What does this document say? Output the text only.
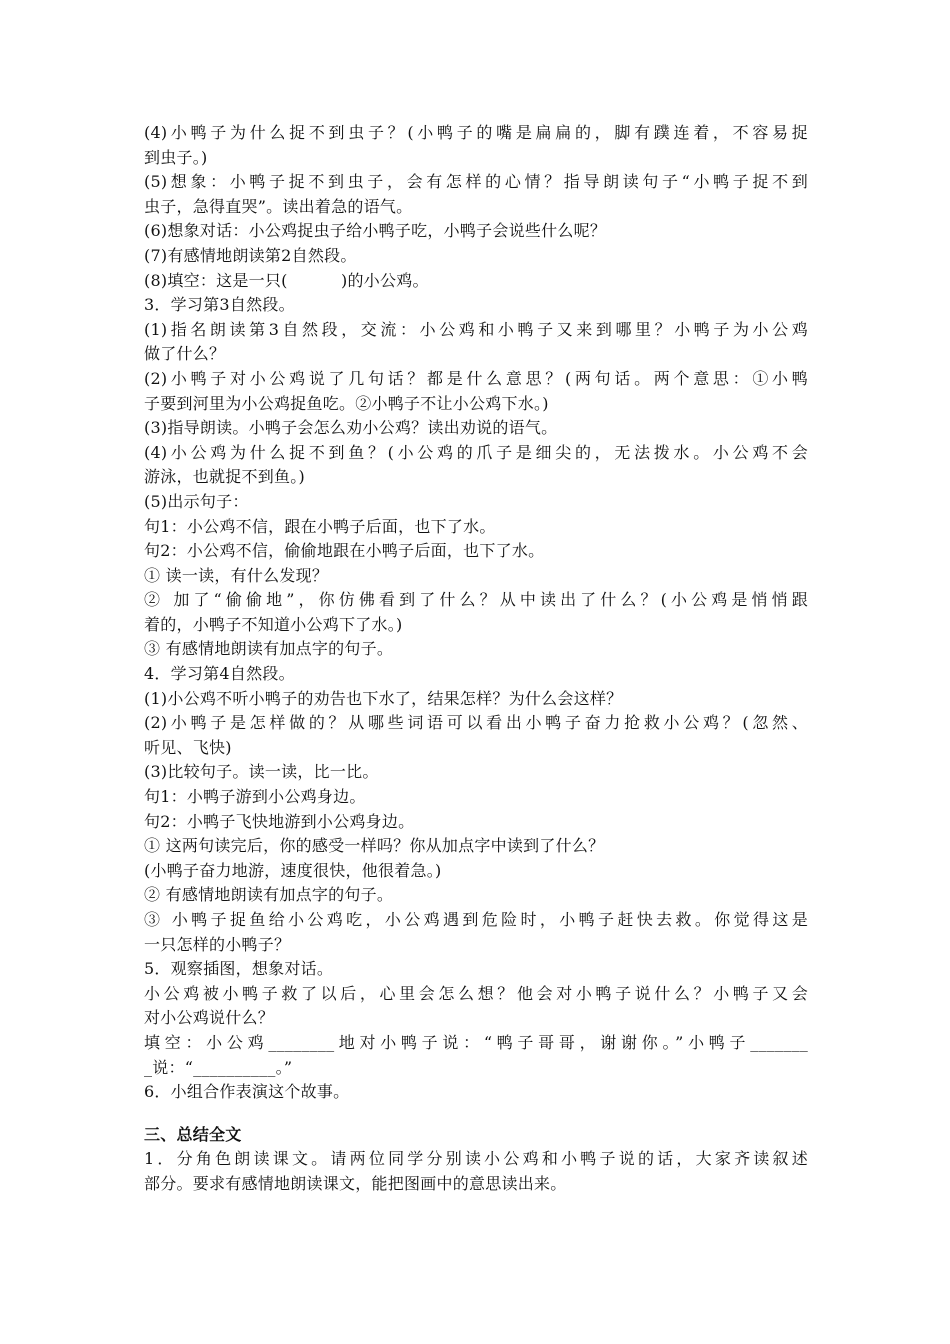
(4)小鸭子为什么捉不到虫子？(小鸭子的嘴是扁扁的，脚有蹼连着，不容易捉
到虫子。)
(5)想象：小鸭子捉不到虫子，会有怎样的心情？指导朗读句子“小鸭子捉不到
虫子，急得直哭”。读出着急的语气。
(6)想象对话：小公鸡捉虫子给小鸭子吃，小鸭子会说些什么呢？
(7)有感情地朗读第2自然段。
(8)填空：这是一只(          )的小公鸡。
3．学习第3自然段。
(1)指名朗读第3自然段，交流：小公鸡和小鸭子又来到哪里？小鸭子为小公鸡
做了什么？
(2)小鸭子对小公鸡说了几句话？都是什么意思？(两句话。两个意思：①小鸭
子要到河里为小公鸡捉鱼吃。②小鸭子不让小公鸡下水。)
(3)指导朗读。小鸭子会怎么劝小公鸡？读出劝说的语气。
(4)小公鸡为什么捉不到鱼？(小公鸡的爪子是细尖的，无法拨水。小公鸡不会
游泳，也就捉不到鱼。)
(5)出示句子：
句1：小公鸡不信，跟在小鸭子后面，也下了水。
句2：小公鸡不信，偷偷地跟在小鸭子后面，也下了水。
① 读一读，有什么发现？
② 加了“偷偷地”，你仿佛看到了什么？从中读出了什么？(小公鸡是悄悄跟
着的，小鸭子不知道小公鸡下了水。)
③ 有感情地朗读有加点字的句子。
4．学习第4自然段。
(1)小公鸡不听小鸭子的劝告也下水了，结果怎样？为什么会这样？
(2)小鸭子是怎样做的？从哪些词语可以看出小鸭子奋力抢救小公鸡？(忽然、
听见、飞快)
(3)比较句子。读一读，比一比。
句1：小鸭子游到小公鸡身边。
句2：小鸭子飞快地游到小公鸡身边。
① 这两句读完后，你的感受一样吗？你从加点字中读到了什么？
(小鸭子奋力地游，速度很快，他很着急。)
② 有感情地朗读有加点字的句子。
③ 小鸭子捉鱼给小公鸡吃，小公鸡遇到危险时，小鸭子赶快去救。你觉得这是
一只怎样的小鸭子？
5．观察插图，想象对话。
小公鸡被小鸭子救了以后，心里会怎么想？他会对小鸭子说什么？小鸭子又会
对小公鸡说什么？
填空：小公鸡________地对小鸭子说：“鸭子哥哥，谢谢你。”小鸭子_______
_说：“__________。”
6．小组合作表演这个故事。
三、总结全文
1．分角色朗读课文。请两位同学分别读小公鸡和小鸭子说的话，大家齐读叙述
部分。要求有感情地朗读课文，能把图画中的意思读出来。
